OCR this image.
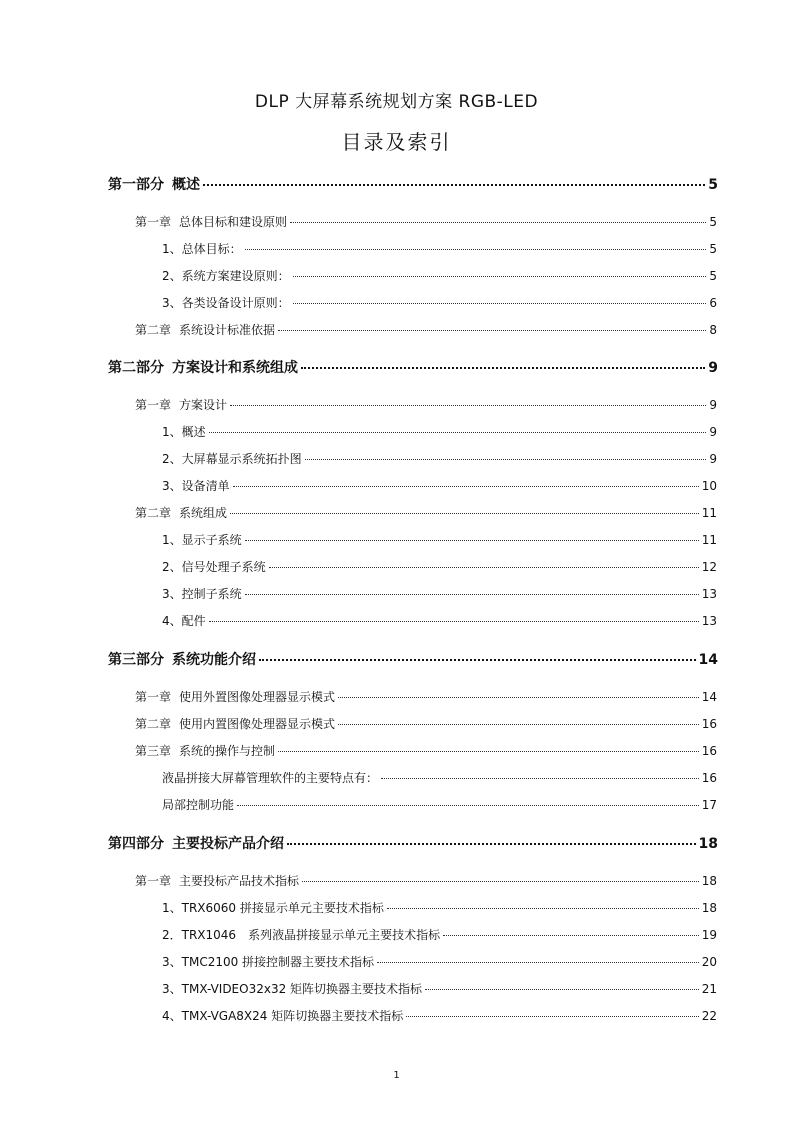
DLP 大屏幕系统规划方案 RGB-LED
目录及索引
第一部分 概述	5
第一章 总体目标和建设原则	5
1、总体目标：	5
2、系统方案建设原则：	5
3、各类设备设计原则：	6
第二章 系统设计标准依据	8
第二部分 方案设计和系统组成	9
第一章 方案设计	9
1、概述	9
2、大屏幕显示系统拓扑图	9
3、设备清单	10
第二章 系统组成	11
1、显示子系统	11
2、信号处理子系统	12
3、控制子系统	13
4、配件	13
第三部分 系统功能介绍	14
第一章 使用外置图像处理器显示模式	14
第二章 使用内置图像处理器显示模式	16
第三章 系统的操作与控制	16
液晶拼接大屏幕管理软件的主要特点有：	16
局部控制功能	17
第四部分 主要投标产品介绍	18
第一章 主要投标产品技术指标	18
1、TRX6060 拼接显示单元主要技术指标	18
2．TRX1046　系列液晶拼接显示单元主要技术指标	19
3、TMC2100 拼接控制器主要技术指标	20
3、TMX-VIDEO32x32 矩阵切换器主要技术指标	21
4、TMX-VGA8X24 矩阵切换器主要技术指标	22
1
